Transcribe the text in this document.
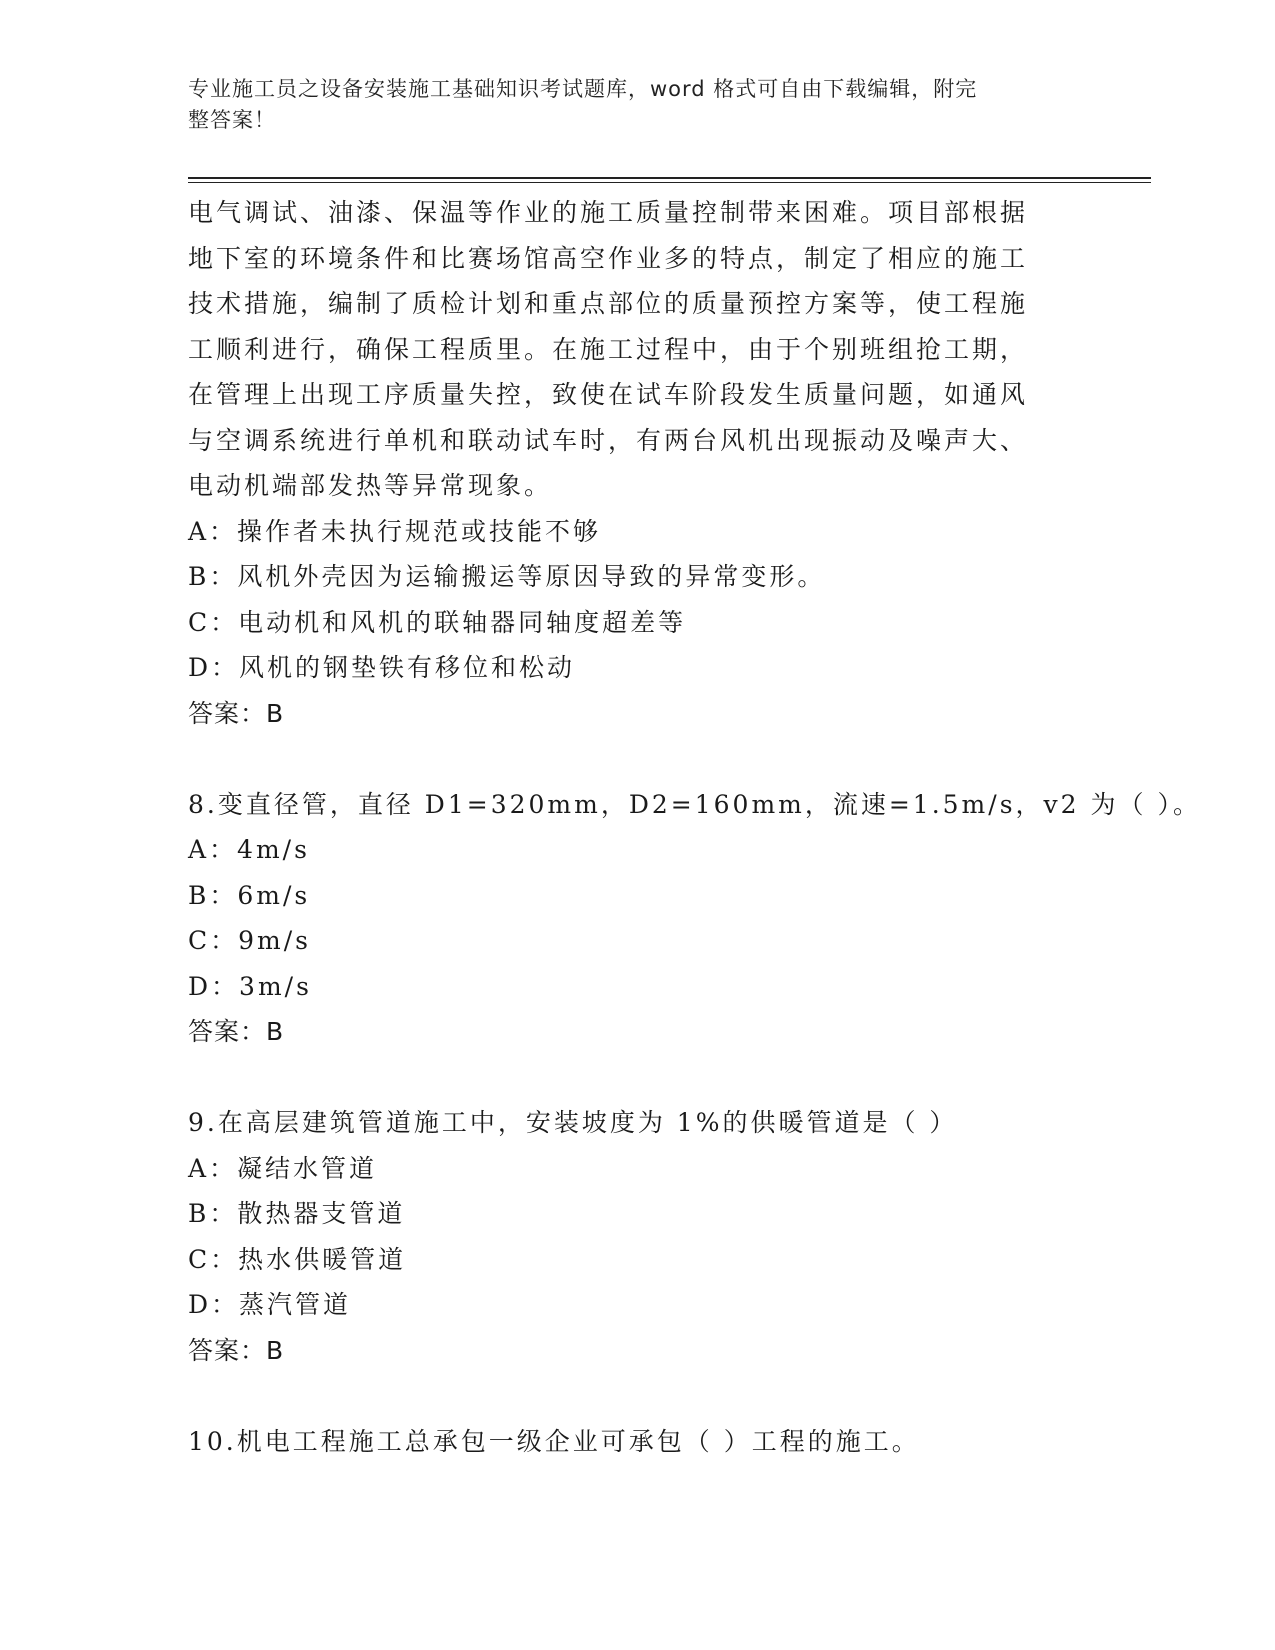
专业施工员之设备安装施工基础知识考试题库，word 格式可自由下载编辑，附完
整答案！
电气调试、油漆、保温等作业的施工质量控制带来困难。项目部根据
地下室的环境条件和比赛场馆高空作业多的特点，制定了相应的施工
技术措施，编制了质检计划和重点部位的质量预控方案等，使工程施
工顺利进行，确保工程质里。在施工过程中，由于个别班组抢工期，
在管理上出现工序质量失控，致使在试车阶段发生质量问题，如通风
与空调系统进行单机和联动试车时，有两台风机出现振动及噪声大、
电动机端部发热等异常现象。
A：操作者未执行规范或技能不够
B：风机外壳因为运输搬运等原因导致的异常变形。
C：电动机和风机的联轴器同轴度超差等
D：风机的钢垫铁有移位和松动
答案：B
8.变直径管，直径 D1=320mm，D2=160mm，流速=1.5m/s，v2 为（ ）。
A：4m/s
B：6m/s
C：9m/s
D：3m/s
答案：B
9.在高层建筑管道施工中，安装坡度为 1%的供暖管道是（ ）
A：凝结水管道
B：散热器支管道
C：热水供暖管道
D：蒸汽管道
答案：B
10.机电工程施工总承包一级企业可承包（ ）工程的施工。
